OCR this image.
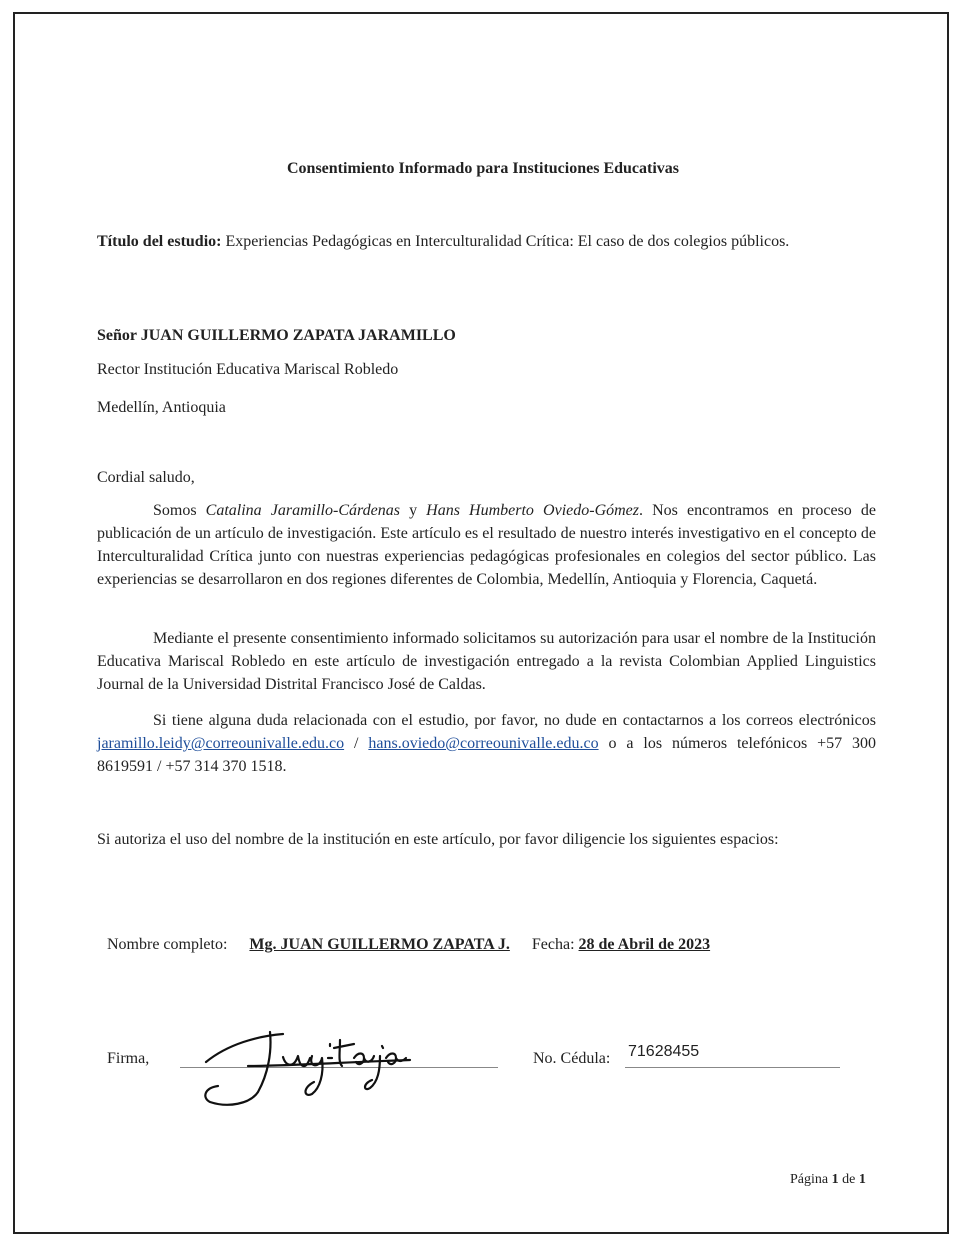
Consentimiento Informado para Instituciones Educativas
Título del estudio: Experiencias Pedagógicas en Interculturalidad Crítica: El caso de dos colegios públicos.
Señor JUAN GUILLERMO ZAPATA JARAMILLO
Rector Institución Educativa Mariscal Robledo
Medellín, Antioquia
Cordial saludo,
Somos Catalina Jaramillo-Cárdenas y Hans Humberto Oviedo-Gómez. Nos encontramos en proceso de publicación de un artículo de investigación. Este artículo es el resultado de nuestro interés investigativo en el concepto de Interculturalidad Crítica junto con nuestras experiencias pedagógicas profesionales en colegios del sector público. Las experiencias se desarrollaron en dos regiones diferentes de Colombia, Medellín, Antioquia y Florencia, Caquetá.
Mediante el presente consentimiento informado solicitamos su autorización para usar el nombre de la Institución Educativa Mariscal Robledo en este artículo de investigación entregado a la revista Colombian Applied Linguistics Journal de la Universidad Distrital Francisco José de Caldas.
Si tiene alguna duda relacionada con el estudio, por favor, no dude en contactarnos a los correos electrónicos jaramillo.leidy@correounivalle.edu.co / hans.oviedo@correounivalle.edu.co o a los números telefónicos +57 300 8619591 / +57 314 370 1518.
Si autoriza el uso del nombre de la institución en este artículo, por favor diligencie los siguientes espacios:
Nombre completo: Mg. JUAN GUILLERMO ZAPATA J. Fecha: 28 de Abril de 2023
Firma,	No. Cédula: 71628455
Página 1 de 1
